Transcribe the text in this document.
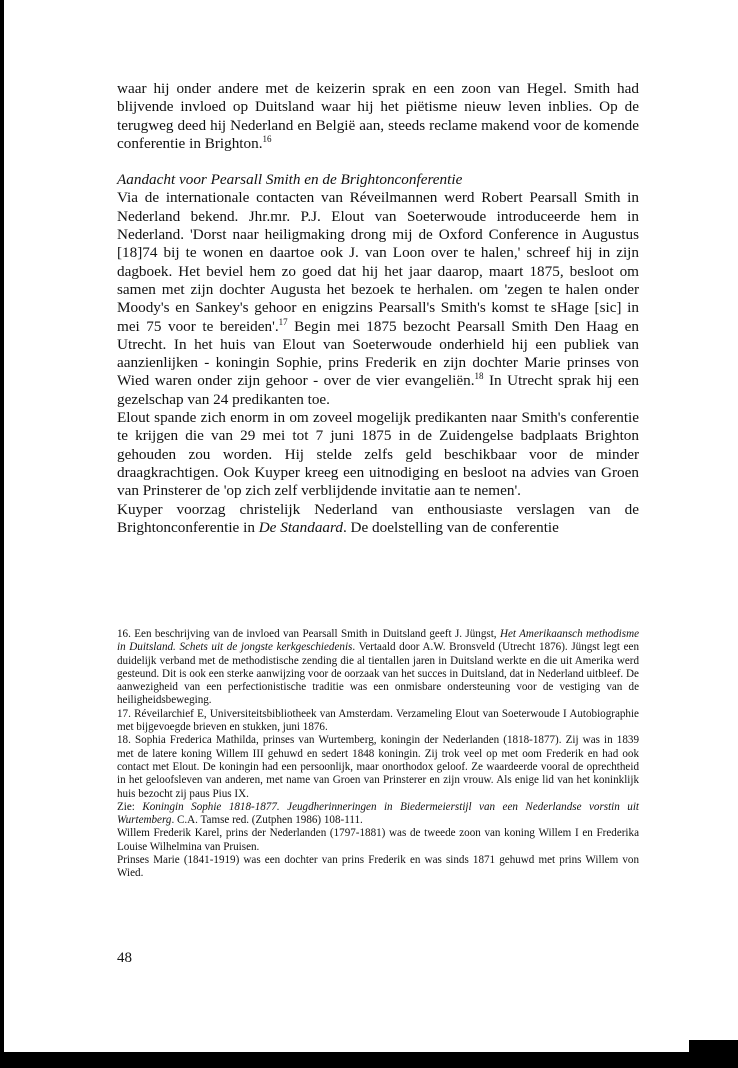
waar hij onder andere met de keizerin sprak en een zoon van Hegel. Smith had blijvende invloed op Duitsland waar hij het piëtisme nieuw leven inblies. Op de terugweg deed hij Nederland en België aan, steeds reclame makend voor de komende conferentie in Brighton.$^{16}$

Aandacht voor Pearsall Smith en de Brightonconferentie

Via de internationale contacten van Réveilmannen werd Robert Pearsall Smith in Nederland bekend. Jhr.mr. P.J. Elout van Soeterwoude introduceerde hem in Nederland. 'Dorst naar heiligmaking drong mij de Oxford Conference in Augustus [18]74 bij te wonen en daartoe ook J. van Loon over te halen,' schreef hij in zijn dagboek. Het beviel hem zo goed dat hij het jaar daarop, maart 1875, besloot om samen met zijn dochter Augusta het bezoek te herhalen. om 'zegen te halen onder Moody's en Sankey's gehoor en enigzins Pearsall's Smith's komst te sHage [sic] in mei 75 voor te bereiden'.$^{17}$ Begin mei 1875 bezocht Pearsall Smith Den Haag en Utrecht. In het huis van Elout van Soeterwoude onderhield hij een publiek van aanzienlijken - koningin Sophie, prins Frederik en zijn dochter Marie prinses von Wied waren onder zijn gehoor - over de vier evangeliën.$^{18}$ In Utrecht sprak hij een gezelschap van 24 predikanten toe.

Elout spande zich enorm in om zoveel mogelijk predikanten naar Smith's conferentie te krijgen die van 29 mei tot 7 juni 1875 in de Zuidengelse badplaats Brighton gehouden zou worden. Hij stelde zelfs geld beschikbaar voor de minder draagkrachtigen. Ook Kuyper kreeg een uitnodiging en besloot na advies van Groen van Prinsterer de 'op zich zelf verblijdende invitatie aan te nemen'.

Kuyper voorzag christelijk Nederland van enthousiaste verslagen van de Brightonconferentie in De Standaard. De doelstelling van de conferentie

16. Een beschrijving van de invloed van Pearsall Smith in Duitsland geeft J. Jüngst, Het Amerikaansch methodisme in Duitsland. Schets uit de jongste kerkgeschiedenis. Vertaald door A.W. Bronsveld (Utrecht 1876). Jüngst legt een duidelijk verband met de methodistische zending die al tientallen jaren in Duitsland werkte en die uit Amerika werd gesteund. Dit is ook een sterke aanwijzing voor de oorzaak van het succes in Duitsland, dat in Nederland uitbleef. De aanwezigheid van een perfectionistische traditie was een onmisbare ondersteuning voor de vestiging van de heiligheidsbeweging.

17. Réveilarchief E, Universiteitsbibliotheek van Amsterdam. Verzameling Elout van Soeterwoude I Autobiographie met bijgevoegde brieven en stukken, juni 1876.

18. Sophia Frederica Mathilda, prinses van Wurtemberg, koningin der Nederlanden (1818-1877). Zij was in 1839 met de latere koning Willem III gehuwd en sedert 1848 koningin. Zij trok veel op met oom Frederik en had ook contact met Elout. De koningin had een persoonlijk, maar onorthodox geloof. Ze waardeerde vooral de oprechtheid in het geloofsleven van anderen, met name van Groen van Prinsterer en zijn vrouw. Als enige lid van het koninklijk huis bezocht zij paus Pius IX.

Zie: Koningin Sophie 1818-1877. Jeugdherinneringen in Biedermeierstijl van een Nederlandse vorstin uit Wurtemberg. C.A. Tamse red. (Zutphen 1986) 108-111.

Willem Frederik Karel, prins der Nederlanden (1797-1881) was de tweede zoon van koning Willem I en Frederika Louise Wilhelmina van Pruisen.

Prinses Marie (1841-1919) was een dochter van prins Frederik en was sinds 1871 gehuwd met prins Willem von Wied.

48
